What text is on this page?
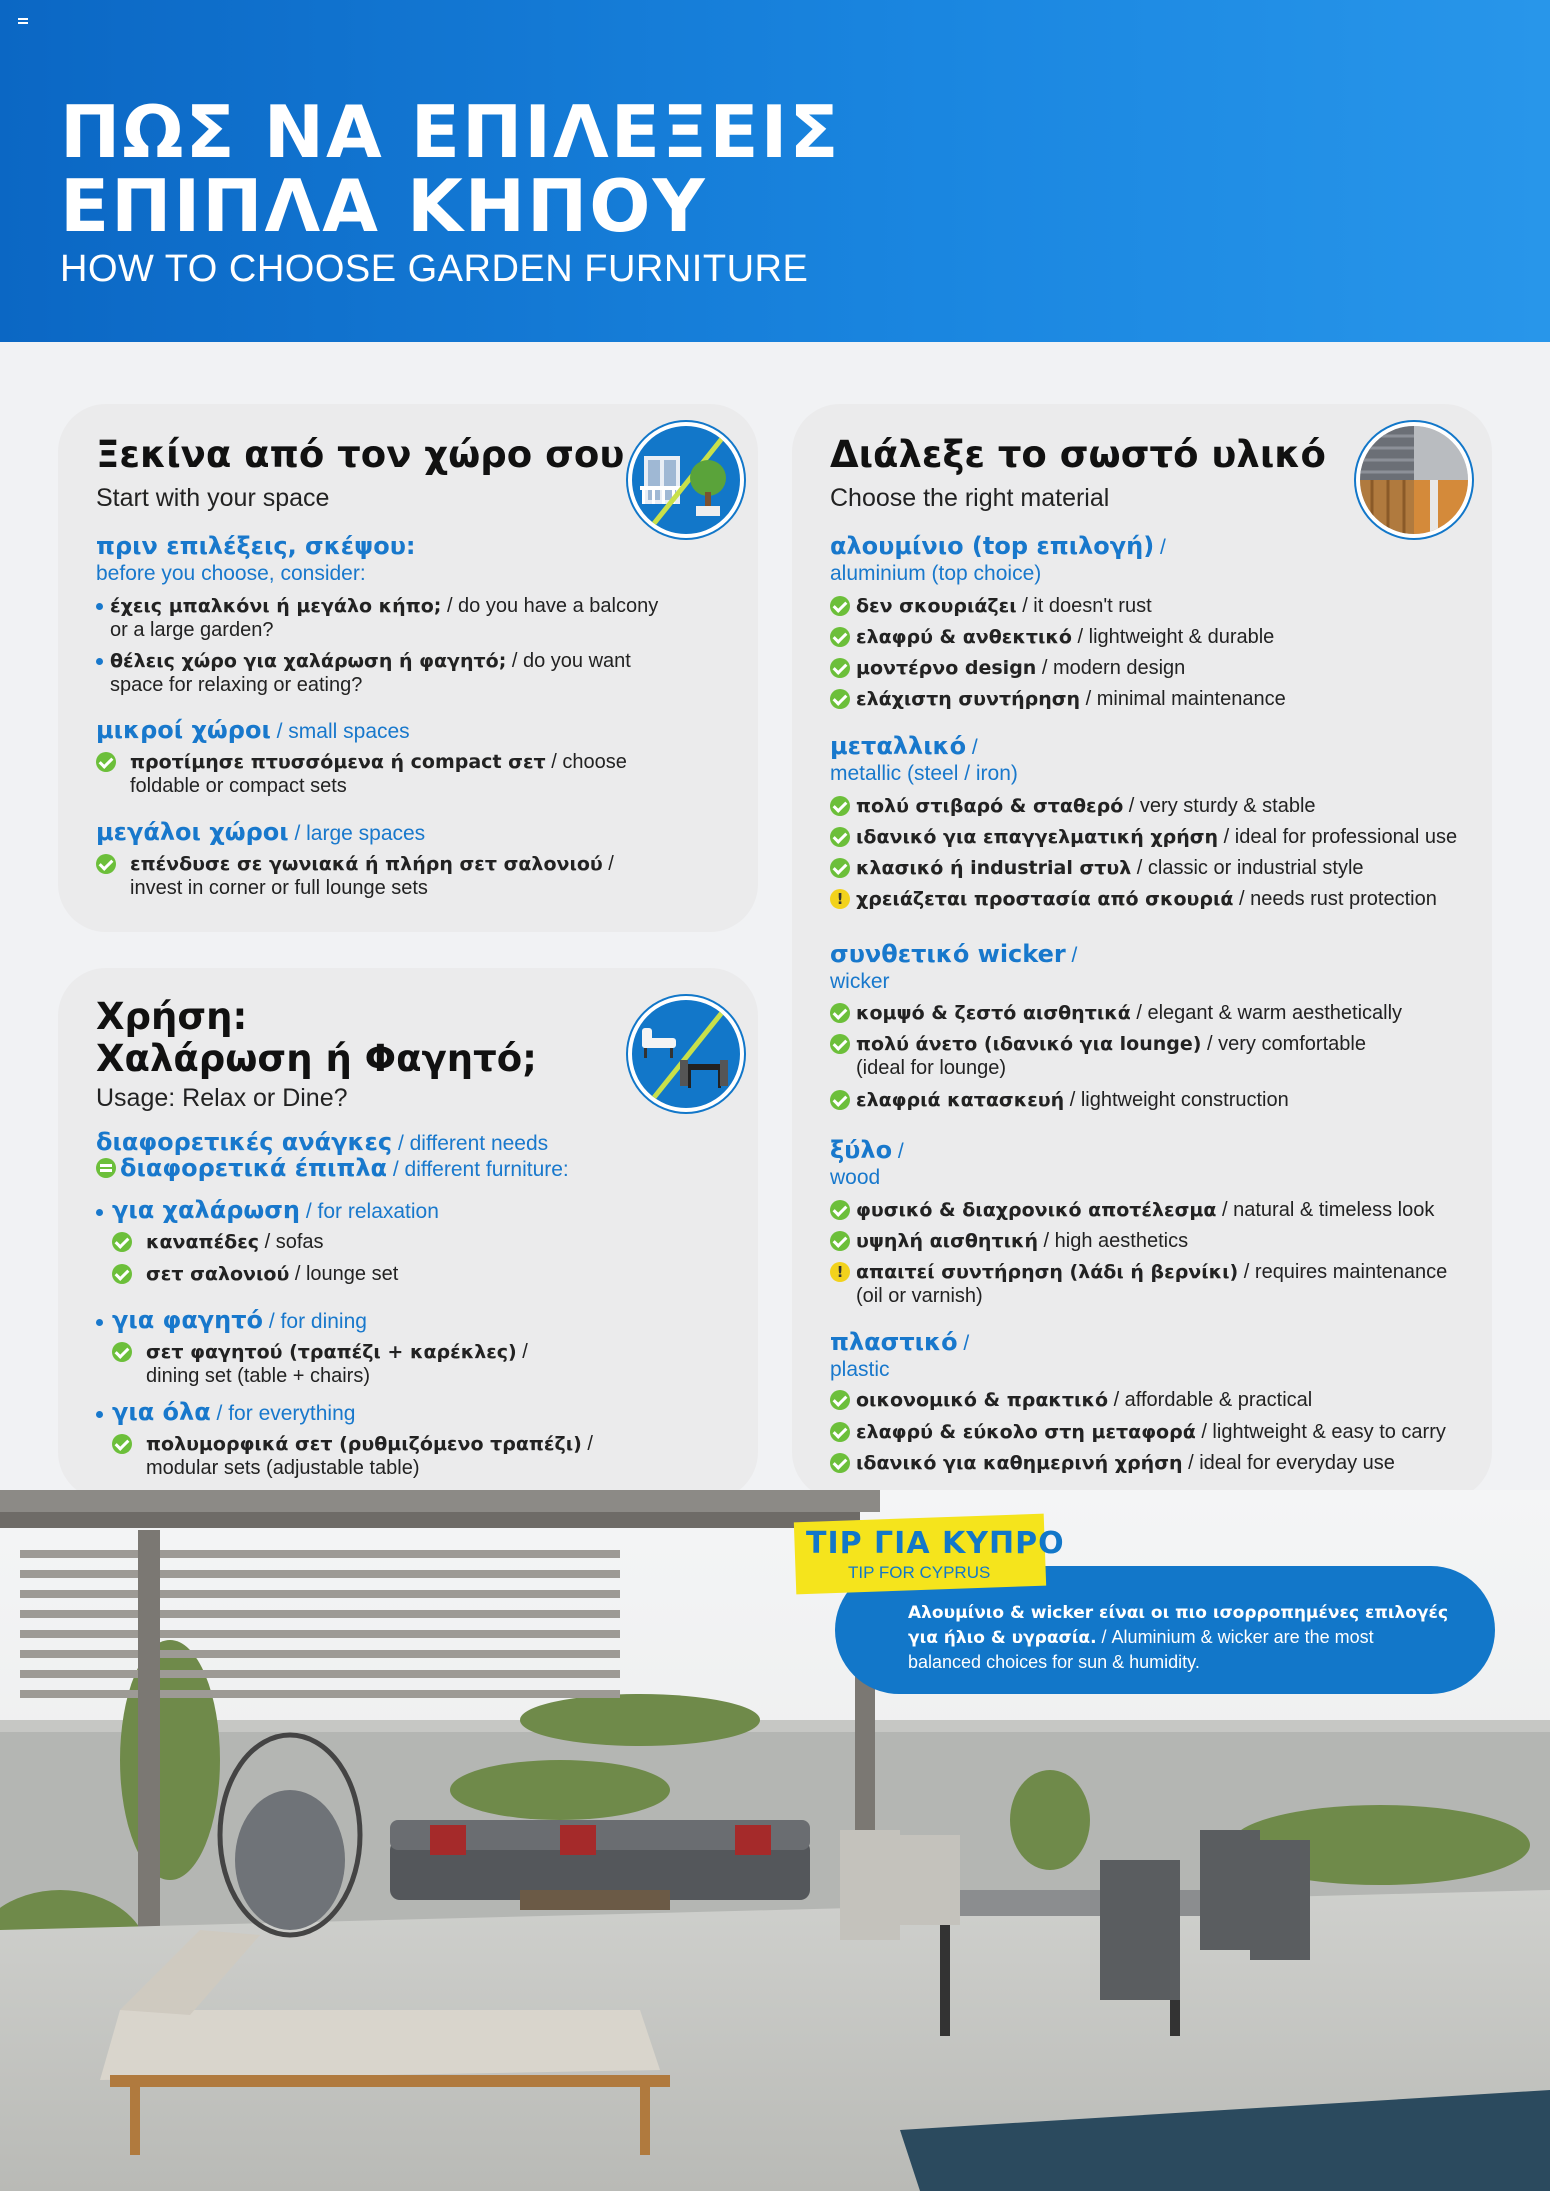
ΠΩΣ ΝΑ ΕΠΙΛΕΞΕΙΣ
ΕΠΙΠΛΑ ΚΗΠΟΥ
HOW TO CHOOSE GARDEN FURNITURE
Ξεκίνα από τον χώρο σου
Start with your space
πριν επιλέξεις, σκέψου:
before you choose, consider:
έχεις μπαλκόνι ή μεγάλο κήπο; / do you have a balcony
or a large garden?
θέλεις χώρο για χαλάρωση ή φαγητό; / do you want
space for relaxing or eating?
μικροί χώροι / small spaces
προτίμησε πτυσσόμενα ή compact σετ / choose
foldable or compact sets
μεγάλοι χώροι / large spaces
επένδυσε σε γωνιακά ή πλήρη σετ σαλονιού /
invest in corner or full lounge sets
Χρήση:
Χαλάρωση ή Φαγητό;
Usage: Relax or Dine?
διαφορετικές ανάγκες / different needs
διαφορετικά έπιπλα / different furniture:
για χαλάρωση / for relaxation
καναπέδες / sofas
σετ σαλονιού / lounge set
για φαγητό / for dining
σετ φαγητού (τραπέζι + καρέκλες) /
dining set (table + chairs)
για όλα / for everything
πολυμορφικά σετ (ρυθμιζόμενο τραπέζι) /
modular sets (adjustable table)
Διάλεξε το σωστό υλικό
Choose the right material
αλουμίνιο (top επιλογή) /
aluminium (top choice)
δεν σκουριάζει / it doesn't rust
ελαφρύ & ανθεκτικό / lightweight & durable
μοντέρνο design / modern design
ελάχιστη συντήρηση / minimal maintenance
μεταλλικό /
metallic (steel / iron)
πολύ στιβαρό & σταθερό / very sturdy & stable
ιδανικό για επαγγελματική χρήση / ideal for professional use
κλασικό ή industrial στυλ / classic or industrial style
! χρειάζεται προστασία από σκουριά / needs rust protection
συνθετικό wicker /
wicker
κομψό & ζεστό αισθητικά / elegant & warm aesthetically
πολύ άνετο (ιδανικό για lounge) / very comfortable
(ideal for lounge)
ελαφριά κατασκευή / lightweight construction
ξύλο /
wood
φυσικό & διαχρονικό αποτέλεσμα / natural & timeless look
υψηλή αισθητική / high aesthetics
! απαιτεί συντήρηση (λάδι ή βερνίκι) / requires maintenance
(oil or varnish)
πλαστικό /
plastic
οικονομικό & πρακτικό / affordable & practical
ελαφρύ & εύκολο στη μεταφορά / lightweight & easy to carry
ιδανικό για καθημερινή χρήση / ideal for everyday use
TIP ΓΙΑ ΚΥΠΡΟ
TIP FOR CYPRUS
Αλουμίνιο & wicker είναι οι πιο ισορροπημένες επιλογές
για ήλιο & υγρασία. / Aluminium & wicker are the most
balanced choices for sun & humidity.
